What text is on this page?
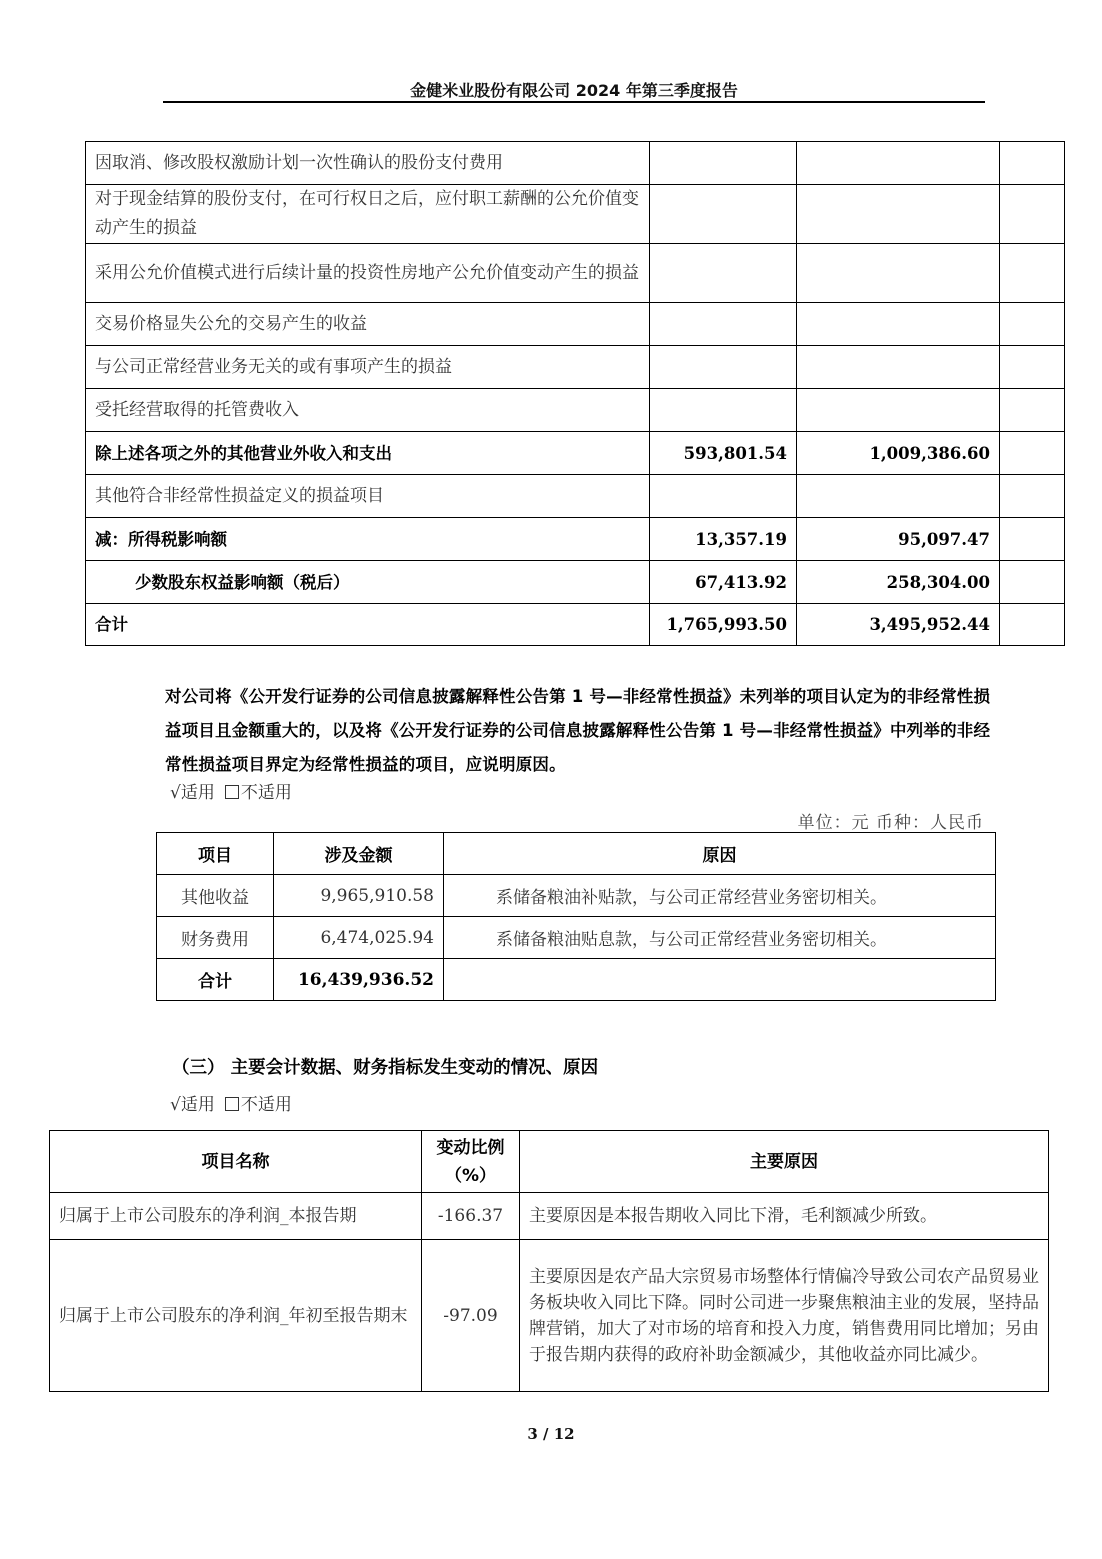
金健米业股份有限公司 2024 年第三季度报告
因取消、修改股权激励计划一次性确认的股份支付费用			
对于现金结算的股份支付，在可行权日之后，应付职工薪酬的公允价值变动产生的损益			
采用公允价值模式进行后续计量的投资性房地产公允价值变动产生的损益			
交易价格显失公允的交易产生的收益			
与公司正常经营业务无关的或有事项产生的损益			
受托经营取得的托管费收入			
除上述各项之外的其他营业外收入和支出	593,801.54	1,009,386.60	
其他符合非经常性损益定义的损益项目			
减：所得税影响额	13,357.19	95,097.47	
少数股东权益影响额（税后）	67,413.92	258,304.00	
合计	1,765,993.50	3,495,952.44	
对公司将《公开发行证券的公司信息披露解释性公告第 1 号—非经常性损益》未列举的项目认定为的非经常性损益项目且金额重大的，以及将《公开发行证券的公司信息披露解释性公告第 1 号—非经常性损益》中列举的非经常性损益项目界定为经常性损益的项目，应说明原因。
√适用 不适用
单位：元 币种：人民币
项目	涉及金额	原因
其他收益	9,965,910.58	系储备粮油补贴款，与公司正常经营业务密切相关。
财务费用	6,474,025.94	系储备粮油贴息款，与公司正常经营业务密切相关。
合计	16,439,936.52	
（三） 主要会计数据、财务指标发生变动的情况、原因
√适用 不适用
项目名称	变动比例（%）	主要原因
归属于上市公司股东的净利润_本报告期	-166.37	主要原因是本报告期收入同比下滑，毛利额减少所致。
归属于上市公司股东的净利润_年初至报告期末	-97.09	主要原因是农产品大宗贸易市场整体行情偏冷导致公司农产品贸易业务板块收入同比下降。同时公司进一步聚焦粮油主业的发展，坚持品牌营销，加大了对市场的培育和投入力度，销售费用同比增加；另由于报告期内获得的政府补助金额减少，其他收益亦同比减少。
3 / 12
